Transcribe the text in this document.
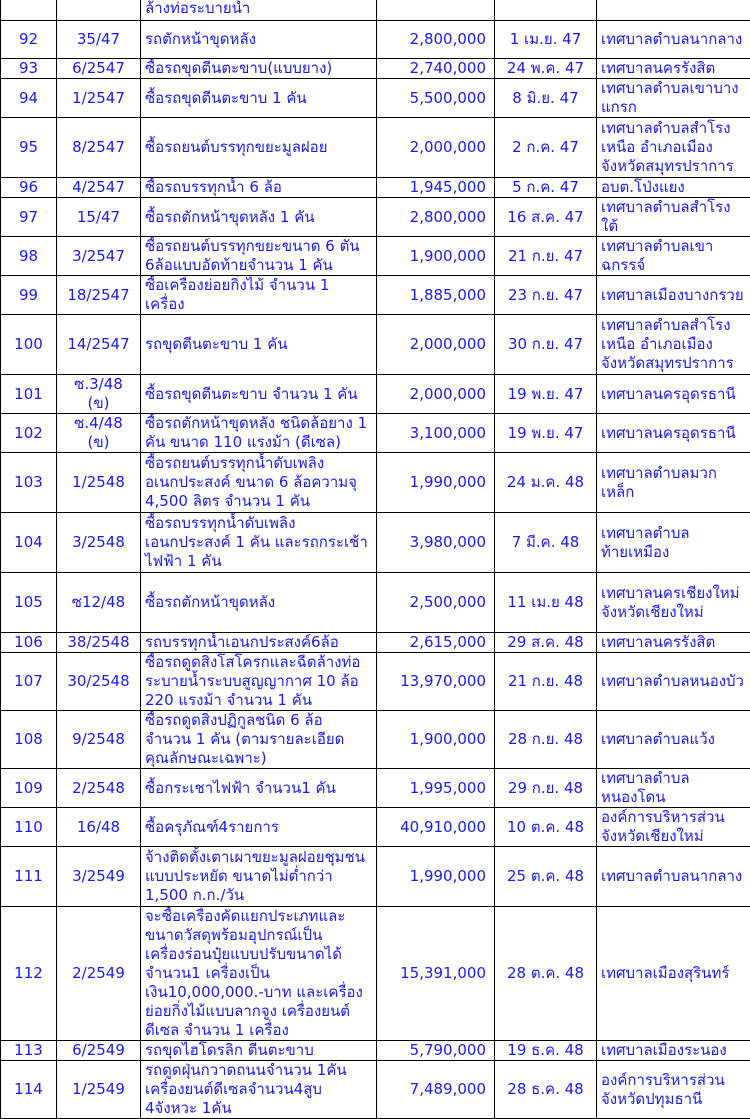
		ล้างท่อระบายน้ำ			
92	35/47	รถตักหน้าขุดหลัง	2,800,000	1 เม.ย. 47	เทศบาลตำบลนากลาง
93	6/2547	ซื้อรถขุดตีนตะขาบ(แบบยาง)	2,740,000	24 พ.ค. 47	เทศบาลนครรังสิต
94	1/2547	ซื้อรถขุดตีนตะขาบ 1 คัน	5,500,000	8 มิ.ย. 47	เทศบาลตำบลเขาบางแกรก
95	8/2547	ซื้อรถยนต์บรรทุกขยะมูลฝอย	2,000,000	2 ก.ค. 47	เทศบาลตำบลสำโรงเหนือ อำเภอเมือง จังหวัดสมุทรปราการ
96	4/2547	ซื้อรถบรรทุกน้ำ 6 ล้อ	1,945,000	5 ก.ค. 47	อบต.โป่งแยง
97	15/47	ซื้อรถตักหน้าขุดหลัง 1 คัน	2,800,000	16 ส.ค. 47	เทศบาลตำบลสำโรงใต้
98	3/2547	ซื้อรถยนต์บรรทุกขยะขนาด 6 ตัน 6ล้อแบบอัดท้ายจำนวน 1 คัน	1,900,000	21 ก.ย. 47	เทศบาลตำบลเขาฉกรรจ์
99	18/2547	ซื้อเครื่องย่อยกิ่งไม้ จำนวน 1 เครื่อง	1,885,000	23 ก.ย. 47	เทศบาลเมืองบางกรวย
100	14/2547	รถขุดตีนตะขาบ 1 คัน	2,000,000	30 ก.ย. 47	เทศบาลตำบลสำโรงเหนือ อำเภอเมือง จังหวัดสมุทรปราการ
101	ซ.3/48 (ข)	ซื้อรถขุดตีนตะขาบ จำนวน 1 คัน	2,000,000	19 พ.ย. 47	เทศบาลนครอุดรธานี
102	ซ.4/48 (ข)	ซื้อรถตักหน้าขุดหลัง ชนิดล้อยาง 1 คัน ขนาด 110 แรงม้า (ดีเซล)	3,100,000	19 พ.ย. 47	เทศบาลนครอุดรธานี
103	1/2548	ซื้อรถยนต์บรรทุกน้ำดับเพลิงอเนกประสงค์ ขนาด 6 ล้อความจุ 4,500 ลิตร จำนวน 1 คัน	1,990,000	24 ม.ค. 48	เทศบาลตำบลมวกเหล็ก
104	3/2548	ซื้อรถบรรทุกน้ำดับเพลิงเอนกประสงค์ 1 คัน และรถกระเช้าไฟฟ้า 1 คัน	3,980,000	7 มี.ค. 48	เทศบาลตำบลท้ายเหมือง
105	ซ12/48	ซื้อรถตักหน้าขุดหลัง	2,500,000	11 เม.ย 48	เทศบาลนครเชียงใหม่ จังหวัดเชียงใหม่
106	38/2548	รถบรรทุกน้ำเอนกประสงค์6ล้อ	2,615,000	29 ส.ค. 48	เทศบาลนครรังสิต
107	30/2548	ซื้อรถดูดสิ่งโสโครกและฉีดล้างท่อระบายน้ำระบบสูญญากาศ 10 ล้อ 220 แรงม้า จำนวน 1 คัน	13,970,000	21 ก.ย. 48	เทศบาลตำบลหนองบัว
108	9/2548	ซื้อรถดูดสิ่งปฏิกูลชนิด 6 ล้อ จำนวน 1 คัน (ตามรายละเอียดคุณลักษณะเฉพาะ)	1,900,000	28 ก.ย. 48	เทศบาลตำบลแว้ง
109	2/2548	ซื้อกระเชาไฟฟ้า จำนวน1 คัน	1,995,000	29 ก.ย. 48	เทศบาลตำบลหนองโดน
110	16/48	ซื้อครุภัณฑ์4รายการ	40,910,000	10 ต.ค. 48	องค์การบริหารส่วนจังหวัดเชียงใหม่
111	3/2549	จ้างติดตั้งเตาเผาขยะมูลฝอยชุมชนแบบประหยัด ขนาดไม่ต่ำกว่า 1,500 ก.ก./วัน	1,990,000	25 ต.ค. 48	เทศบาลตำบลนากลาง
112	2/2549	จะซื้อเครื่องคัดแยกประเภทและขนาดวัสดุพร้อมอุปกรณ์เป็นเครื่องร่อนปุ๋ยแบบปรับขนาดได้จำนวน1 เครื่องเป็นเงิน10,000,000.-บาท และเครื่องย่อยกิ่งไม้แบบลากจูง เครื่องยนต์ดีเซล จำนวน 1 เครื่อง	15,391,000	28 ต.ค. 48	เทศบาลเมืองสุรินทร์
113	6/2549	รถขุดไฮโดรลิก ตีนตะขาบ	5,790,000	19 ธ.ค. 48	เทศบาลเมืองระนอง
114	1/2549	รถดูดฝุ่นกวาดถนนจำนวน 1คัน เครื่องยนต์ดีเซลจำนวน4สูบ 4จังหวะ 1คัน	7,489,000	28 ธ.ค. 48	องค์การบริหารส่วนจังหวัดปทุมธานี
